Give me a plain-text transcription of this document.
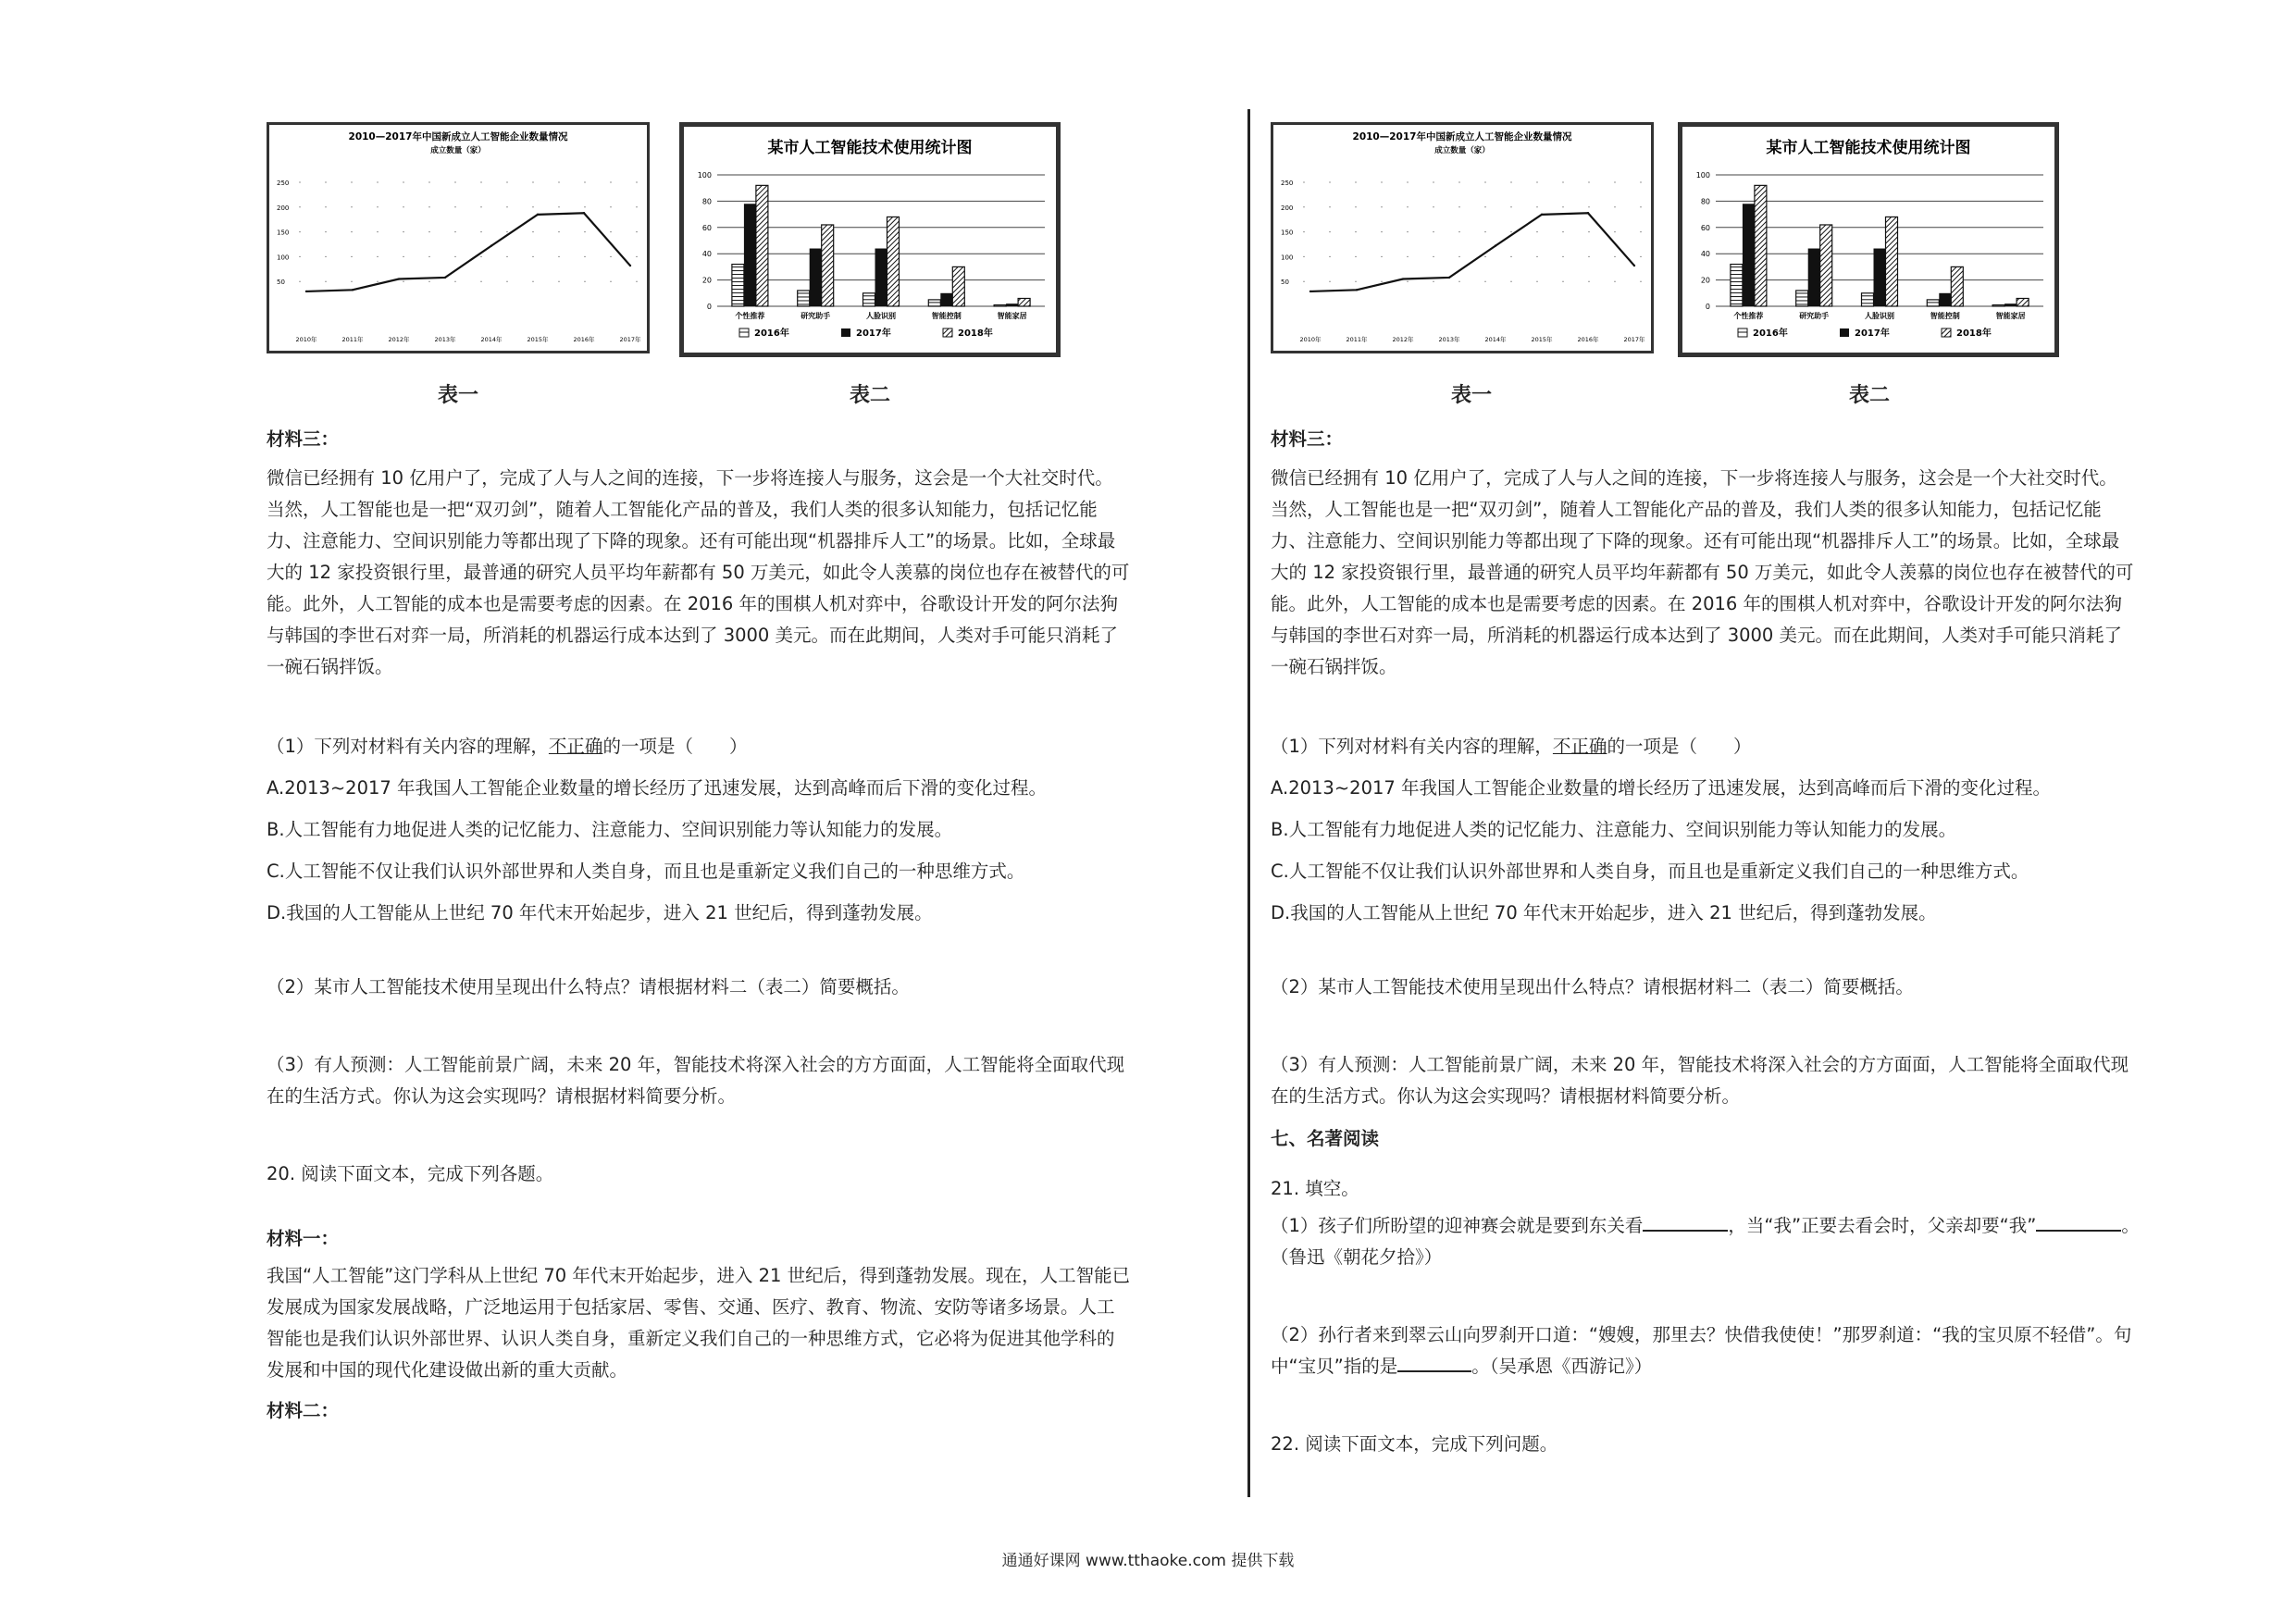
2010—2017年中国新成立人工智能企业数量情况
成立数量（家）
250
200
150
100
50
2010年	2011年	2012年	2013年	2014年	2015年	2016年	2017年
某市人工智能技术使用统计图
100
80
60
40
20
0
个性推荐	研究助手	人脸识别	智能控制	智能家居
2016年	2017年	2018年
表一	表二

材料三：

微信已经拥有 10 亿用户了，完成了人与人之间的连接，下一步将连接人与服务，这会是一个大社交时代。

当然，人工智能也是一把“双刃剑”，随着人工智能化产品的普及，我们人类的很多认知能力，包括记忆能

力、注意能力、空间识别能力等都出现了下降的现象。还有可能出现“机器排斥人工”的场景。比如，全球最

大的 12 家投资银行里，最普通的研究人员平均年薪都有 50 万美元，如此令人羡慕的岗位也存在被替代的可

能。此外，人工智能的成本也是需要考虑的因素。在 2016 年的围棋人机对弈中，谷歌设计开发的阿尔法狗

与韩国的李世石对弈一局，所消耗的机器运行成本达到了 3000 美元。而在此期间，人类对手可能只消耗了

一碗石锅拌饭。

（1）下列对材料有关内容的理解，不正确的一项是（　　）

A.2013~2017 年我国人工智能企业数量的增长经历了迅速发展，达到高峰而后下滑的变化过程。

B.人工智能有力地促进人类的记忆能力、注意能力、空间识别能力等认知能力的发展。

C.人工智能不仅让我们认识外部世界和人类自身，而且也是重新定义我们自己的一种思维方式。

D.我国的人工智能从上世纪 70 年代末开始起步，进入 21 世纪后，得到蓬勃发展。

（2）某市人工智能技术使用呈现出什么特点？请根据材料二（表二）简要概括。

（3）有人预测：人工智能前景广阔，未来 20 年，智能技术将深入社会的方方面面，人工智能将全面取代现

在的生活方式。你认为这会实现吗？请根据材料简要分析。

20. 阅读下面文本，完成下列各题。

材料一：

我国“人工智能”这门学科从上世纪 70 年代末开始起步，进入 21 世纪后，得到蓬勃发展。现在，人工智能已

发展成为国家发展战略，广泛地运用于包括家居、零售、交通、医疗、教育、物流、安防等诸多场景。人工

智能也是我们认识外部世界、认识人类自身，重新定义我们自己的一种思维方式，它必将为促进其他学科的

发展和中国的现代化建设做出新的重大贡献。

材料二：

2010—2017年中国新成立人工智能企业数量情况
成立数量（家）
250
200
150
100
50
2010年	2011年	2012年	2013年	2014年	2015年	2016年	2017年
某市人工智能技术使用统计图
100
80
60
40
20
0
个性推荐	研究助手	人脸识别	智能控制	智能家居
2016年	2017年	2018年
表一	表二

材料三：

微信已经拥有 10 亿用户了，完成了人与人之间的连接，下一步将连接人与服务，这会是一个大社交时代。

当然，人工智能也是一把“双刃剑”，随着人工智能化产品的普及，我们人类的很多认知能力，包括记忆能

力、注意能力、空间识别能力等都出现了下降的现象。还有可能出现“机器排斥人工”的场景。比如，全球最

大的 12 家投资银行里，最普通的研究人员平均年薪都有 50 万美元，如此令人羡慕的岗位也存在被替代的可

能。此外，人工智能的成本也是需要考虑的因素。在 2016 年的围棋人机对弈中，谷歌设计开发的阿尔法狗

与韩国的李世石对弈一局，所消耗的机器运行成本达到了 3000 美元。而在此期间，人类对手可能只消耗了

一碗石锅拌饭。

（1）下列对材料有关内容的理解，不正确的一项是（　　）

A.2013~2017 年我国人工智能企业数量的增长经历了迅速发展，达到高峰而后下滑的变化过程。

B.人工智能有力地促进人类的记忆能力、注意能力、空间识别能力等认知能力的发展。

C.人工智能不仅让我们认识外部世界和人类自身，而且也是重新定义我们自己的一种思维方式。

D.我国的人工智能从上世纪 70 年代末开始起步，进入 21 世纪后，得到蓬勃发展。

（2）某市人工智能技术使用呈现出什么特点？请根据材料二（表二）简要概括。

（3）有人预测：人工智能前景广阔，未来 20 年，智能技术将深入社会的方方面面，人工智能将全面取代现

在的生活方式。你认为这会实现吗？请根据材料简要分析。

七、名著阅读

21. 填空。

（1）孩子们所盼望的迎神赛会就是要到东关看	，当“我”正要去看会时，父亲却要“我”	。

（鲁迅《朝花夕拾》）

（2）孙行者来到翠云山向罗刹开口道：“嫂嫂，那里去？快借我使使！”那罗刹道：“我的宝贝原不轻借”。句

中“宝贝”指的是	。（吴承恩《西游记》）

22. 阅读下面文本，完成下列问题。

通通好课网 www.tthaoke.com 提供下载
